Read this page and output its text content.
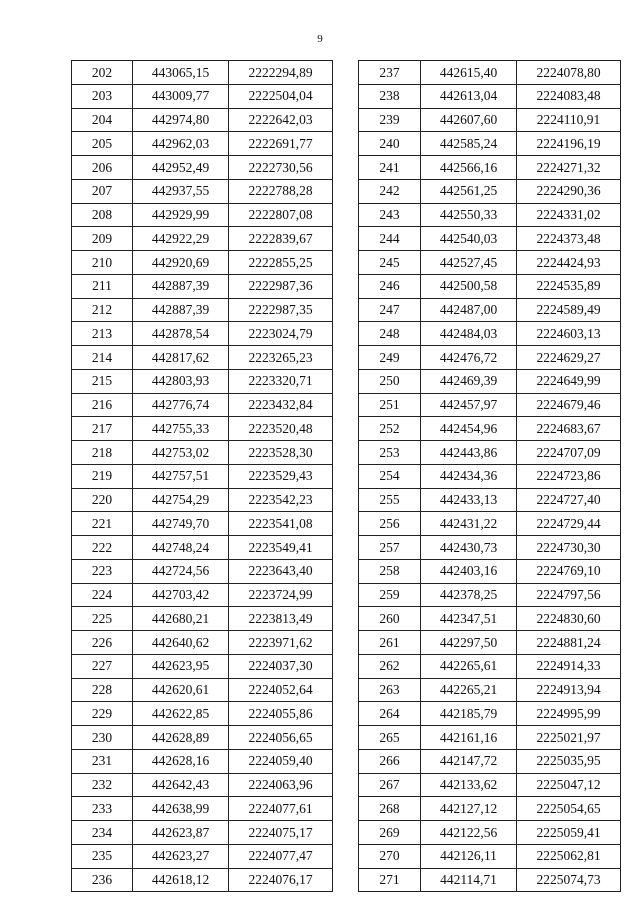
9
202	443065,15	2222294,89
203	443009,77	2222504,04
204	442974,80	2222642,03
205	442962,03	2222691,77
206	442952,49	2222730,56
207	442937,55	2222788,28
208	442929,99	2222807,08
209	442922,29	2222839,67
210	442920,69	2222855,25
211	442887,39	2222987,36
212	442887,39	2222987,35
213	442878,54	2223024,79
214	442817,62	2223265,23
215	442803,93	2223320,71
216	442776,74	2223432,84
217	442755,33	2223520,48
218	442753,02	2223528,30
219	442757,51	2223529,43
220	442754,29	2223542,23
221	442749,70	2223541,08
222	442748,24	2223549,41
223	442724,56	2223643,40
224	442703,42	2223724,99
225	442680,21	2223813,49
226	442640,62	2223971,62
227	442623,95	2224037,30
228	442620,61	2224052,64
229	442622,85	2224055,86
230	442628,89	2224056,65
231	442628,16	2224059,40
232	442642,43	2224063,96
233	442638,99	2224077,61
234	442623,87	2224075,17
235	442623,27	2224077,47
236	442618,12	2224076,17
237	442615,40	2224078,80
238	442613,04	2224083,48
239	442607,60	2224110,91
240	442585,24	2224196,19
241	442566,16	2224271,32
242	442561,25	2224290,36
243	442550,33	2224331,02
244	442540,03	2224373,48
245	442527,45	2224424,93
246	442500,58	2224535,89
247	442487,00	2224589,49
248	442484,03	2224603,13
249	442476,72	2224629,27
250	442469,39	2224649,99
251	442457,97	2224679,46
252	442454,96	2224683,67
253	442443,86	2224707,09
254	442434,36	2224723,86
255	442433,13	2224727,40
256	442431,22	2224729,44
257	442430,73	2224730,30
258	442403,16	2224769,10
259	442378,25	2224797,56
260	442347,51	2224830,60
261	442297,50	2224881,24
262	442265,61	2224914,33
263	442265,21	2224913,94
264	442185,79	2224995,99
265	442161,16	2225021,97
266	442147,72	2225035,95
267	442133,62	2225047,12
268	442127,12	2225054,65
269	442122,56	2225059,41
270	442126,11	2225062,81
271	442114,71	2225074,73
